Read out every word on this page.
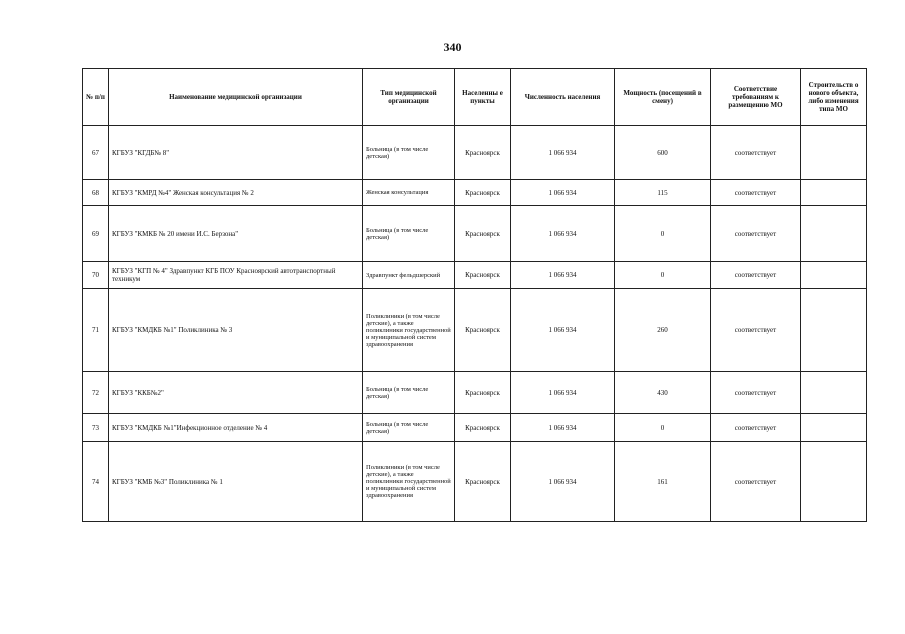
340
№ п/п	Наименование медицинской организации	Тип медицинской организации	Населенны е пункты	Численность населения	Мощность (посещений в смену)	Соответствие требованиям к размещению МО	Строительств о нового объекта, либо изменения типа МО
67	КГБУЗ "КГДБ№ 8"	Больница (в том числе детская)	Красноярск	1 066 934	600	соответствует	
68	КГБУЗ "КМРД №4" Женская консультация № 2	Женская консультация	Красноярск	1 066 934	115	соответствует	
69	КГБУЗ "КМКБ № 20 имени И.С. Берзона"	Больница (в том числе детская)	Красноярск	1 066 934	0	соответствует	
70	КГБУЗ "КГП № 4" Здравпункт КГБ ПОУ Красноярский автотранспортный техникум	Здравпункт фельдшерский	Красноярск	1 066 934	0	соответствует	
71	КГБУЗ "КМДКБ №1" Поликлиника № 3	Поликлиники (в том числе детские), а также поликлиники государственной и муниципальной систем здравоохранения	Красноярск	1 066 934	260	соответствует	
72	КГБУЗ "ККБ№2"	Больница (в том числе детская)	Красноярск	1 066 934	430	соответствует	
73	КГБУЗ "КМДКБ №1"Инфекционное отделение № 4	Больница (в том числе детская)	Красноярск	1 066 934	0	соответствует	
74	КГБУЗ "КМБ №3" Поликлиника № 1	Поликлиники (в том числе детские), а также поликлиники государственной и муниципальной систем здравоохранения	Красноярск	1 066 934	161	соответствует	
